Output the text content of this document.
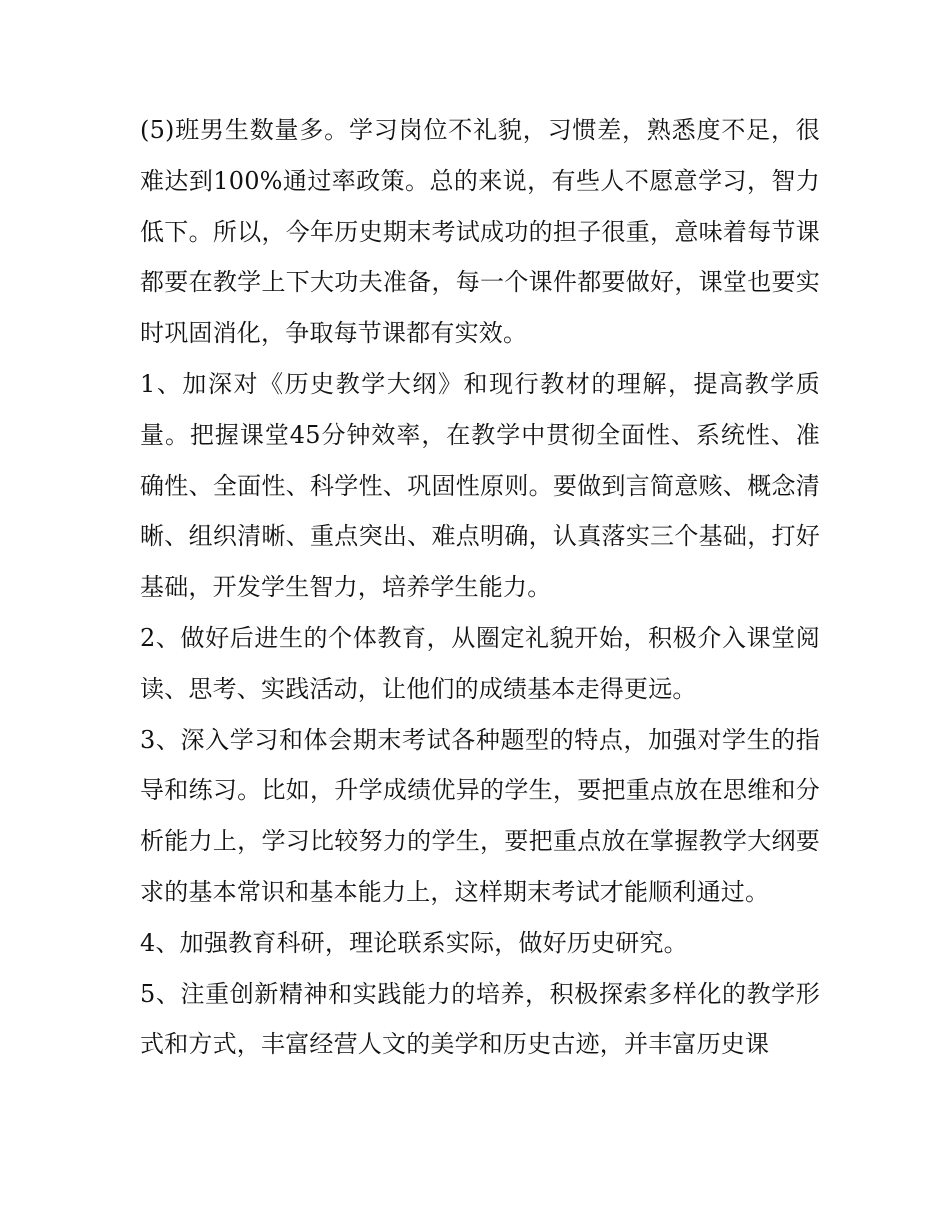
(5)班男生数量多。学习岗位不礼貌，习惯差，熟悉度不足，很难达到100%通过率政策。总的来说，有些人不愿意学习，智力低下。所以，今年历史期末考试成功的担子很重，意味着每节课都要在教学上下大功夫准备，每一个课件都要做好，课堂也要实时巩固消化，争取每节课都有实效。

1、加深对《历史教学大纲》和现行教材的理解，提高教学质量。把握课堂45分钟效率，在教学中贯彻全面性、系统性、准确性、全面性、科学性、巩固性原则。要做到言简意赅、概念清晰、组织清晰、重点突出、难点明确，认真落实三个基础，打好基础，开发学生智力，培养学生能力。

2、做好后进生的个体教育，从圈定礼貌开始，积极介入课堂阅读、思考、实践活动，让他们的成绩基本走得更远。

3、深入学习和体会期末考试各种题型的特点，加强对学生的指导和练习。比如，升学成绩优异的学生，要把重点放在思维和分析能力上，学习比较努力的学生，要把重点放在掌握教学大纲要求的基本常识和基本能力上，这样期末考试才能顺利通过。

4、加强教育科研，理论联系实际，做好历史研究。

5、注重创新精神和实践能力的培养，积极探索多样化的教学形式和方式，丰富经营人文的美学和历史古迹，并丰富历史课
